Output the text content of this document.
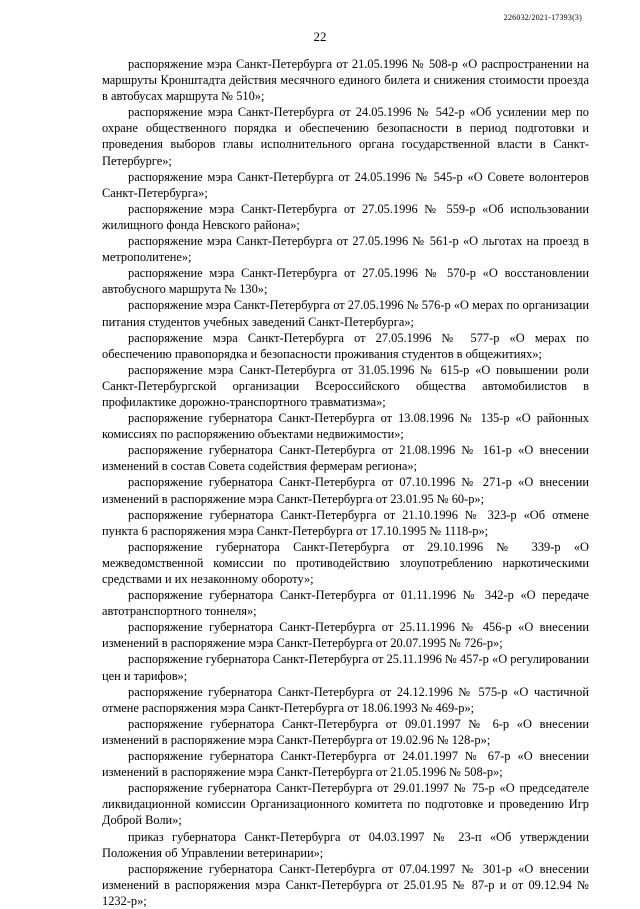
226032/2021-17393(3)
22

распоряжение мэра Санкт-Петербурга от 21.05.1996 № 508-р «О распространении на маршруты Кронштадта действия месячного единого билета и снижения стоимости проезда в автобусах маршрута № 510»;

распоряжение мэра Санкт-Петербурга от 24.05.1996 № 542-р «Об усилении мер по охране общественного порядка и обеспечению безопасности в период подготовки и проведения выборов главы исполнительного органа государственной власти в Санкт-Петербурге»;

распоряжение мэра Санкт-Петербурга от 24.05.1996 № 545-р «О Совете волонтеров Санкт-Петербурга»;

распоряжение мэра Санкт-Петербурга от 27.05.1996 № 559-р «Об использовании жилищного фонда Невского района»;

распоряжение мэра Санкт-Петербурга от 27.05.1996 № 561-р «О льготах на проезд в метрополитене»;

распоряжение мэра Санкт-Петербурга от 27.05.1996 № 570-р «О восстановлении автобусного маршрута № 130»;

распоряжение мэра Санкт-Петербурга от 27.05.1996 № 576-р «О мерах по организации питания студентов учебных заведений Санкт-Петербурга»;

распоряжение мэра Санкт-Петербурга от 27.05.1996 № 577-р «О мерах по обеспечению правопорядка и безопасности проживания студентов в общежитиях»;

распоряжение мэра Санкт-Петербурга от 31.05.1996 № 615-р «О повышении роли Санкт-Петербургской организации Всероссийского общества автомобилистов в профилактике дорожно-транспортного травматизма»;

распоряжение губернатора Санкт-Петербурга от 13.08.1996 № 135-р «О районных комиссиях по распоряжению объектами недвижимости»;

распоряжение губернатора Санкт-Петербурга от 21.08.1996 № 161-р «О внесении изменений в состав Совета содействия фермерам региона»;

распоряжение губернатора Санкт-Петербурга от 07.10.1996 № 271-р «О внесении изменений в распоряжение мэра Санкт-Петербурга от 23.01.95 № 60-р»;

распоряжение губернатора Санкт-Петербурга от 21.10.1996 № 323-р «Об отмене пункта 6 распоряжения мэра Санкт-Петербурга от 17.10.1995 № 1118-р»;

распоряжение губернатора Санкт-Петербурга от 29.10.1996 № 339-р «О межведомственной комиссии по противодействию злоупотреблению наркотическими средствами и их незаконному обороту»;

распоряжение губернатора Санкт-Петербурга от 01.11.1996 № 342-р «О передаче автотранспортного тоннеля»;

распоряжение губернатора Санкт-Петербурга от 25.11.1996 № 456-р «О внесении изменений в распоряжение мэра Санкт-Петербурга от 20.07.1995 № 726-р»;

распоряжение губернатора Санкт-Петербурга от 25.11.1996 № 457-р «О регулировании цен и тарифов»;

распоряжение губернатора Санкт-Петербурга от 24.12.1996 № 575-р «О частичной отмене распоряжения мэра Санкт-Петербурга от 18.06.1993 № 469-р»;

распоряжение губернатора Санкт-Петербурга от 09.01.1997 № 6-р «О внесении изменений в распоряжение мэра Санкт-Петербурга от 19.02.96 № 128-р»;

распоряжение губернатора Санкт-Петербурга от 24.01.1997 № 67-р «О внесении изменений в распоряжение мэра Санкт-Петербурга от 21.05.1996 № 508-р»;

распоряжение губернатора Санкт-Петербурга от 29.01.1997 № 75-р «О председателе ликвидационной комиссии Организационного комитета по подготовке и проведению Игр Доброй Воли»;

приказ губернатора Санкт-Петербурга от 04.03.1997 № 23-п «Об утверждении Положения об Управлении ветеринарии»;

распоряжение губернатора Санкт-Петербурга от 07.04.1997 № 301-р «О внесении изменений в распоряжения мэра Санкт-Петербурга от 25.01.95 № 87-р и от 09.12.94 № 1232-р»;
